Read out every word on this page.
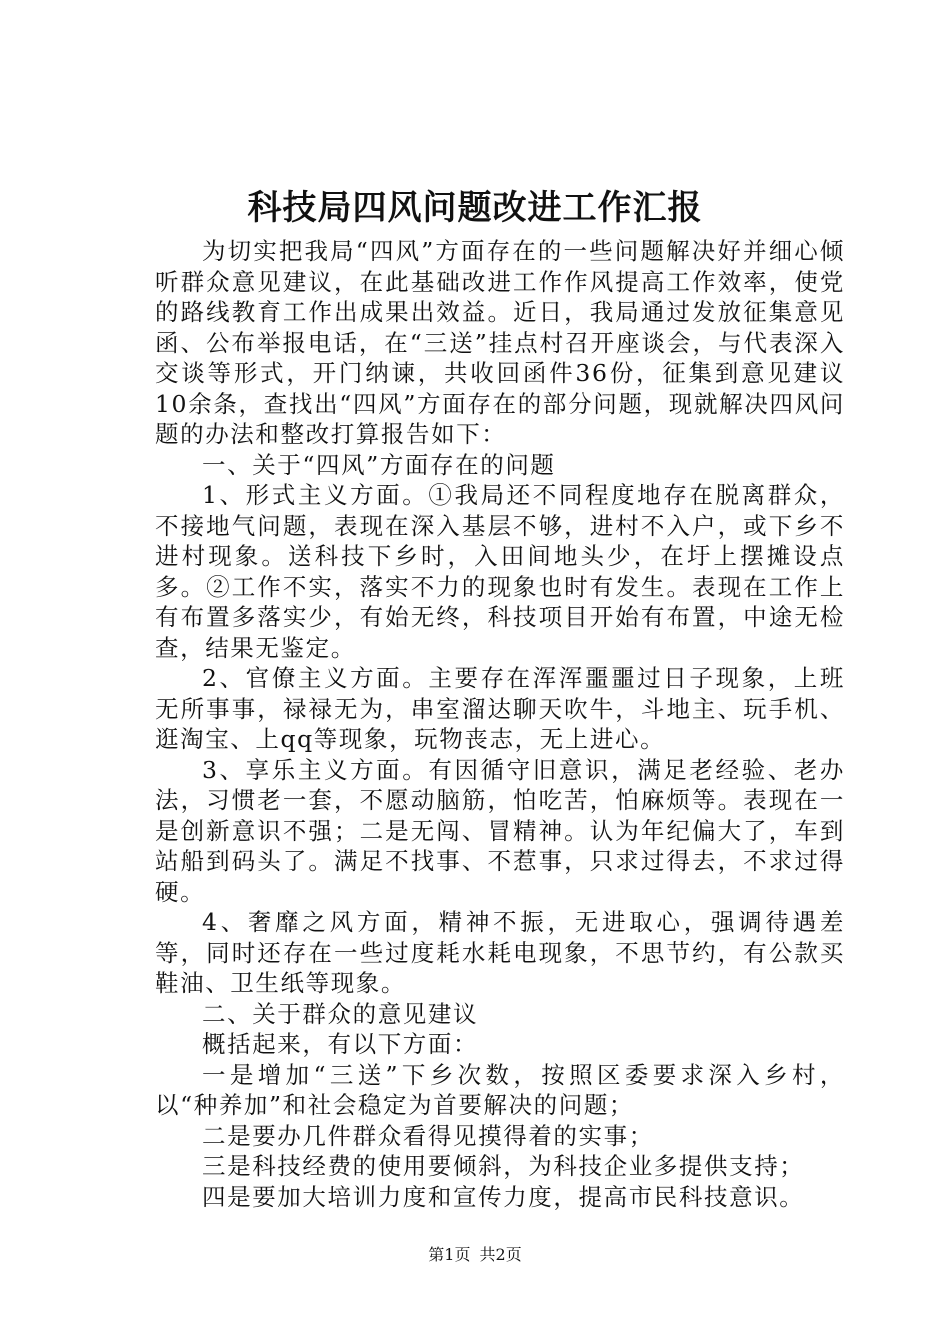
科技局四风问题改进工作汇报

为切实把我局“四风”方面存在的一些问题解决好并细心倾听群众意见建议，在此基础改进工作作风提高工作效率，使党的路线教育工作出成果出效益。近日，我局通过发放征集意见函、公布举报电话，在“三送”挂点村召开座谈会，与代表深入交谈等形式，开门纳谏，共收回函件36份，征集到意见建议10余条，查找出“四风”方面存在的部分问题，现就解决四风问题的办法和整改打算报告如下：

一、关于“四风”方面存在的问题

1、形式主义方面。①我局还不同程度地存在脱离群众，不接地气问题，表现在深入基层不够，进村不入户，或下乡不进村现象。送科技下乡时，入田间地头少，在圩上摆摊设点多。②工作不实，落实不力的现象也时有发生。表现在工作上有布置多落实少，有始无终，科技项目开始有布置，中途无检查，结果无鉴定。

2、官僚主义方面。主要存在浑浑噩噩过日子现象，上班无所事事，禄禄无为，串室溜达聊天吹牛，斗地主、玩手机、逛淘宝、上qq等现象，玩物丧志，无上进心。

3、享乐主义方面。有因循守旧意识，满足老经验、老办法，习惯老一套，不愿动脑筋，怕吃苦，怕麻烦等。表现在一是创新意识不强；二是无闯、冒精神。认为年纪偏大了，车到站船到码头了。满足不找事、不惹事，只求过得去，不求过得硬。

4、奢靡之风方面，精神不振，无进取心，强调待遇差等，同时还存在一些过度耗水耗电现象，不思节约，有公款买鞋油、卫生纸等现象。

二、关于群众的意见建议

概括起来，有以下方面：

一是增加“三送”下乡次数，按照区委要求深入乡村，以“种养加”和社会稳定为首要解决的问题；

二是要办几件群众看得见摸得着的实事；

三是科技经费的使用要倾斜，为科技企业多提供支持；

四是要加大培训力度和宣传力度，提高市民科技意识。

第1页 共2页
